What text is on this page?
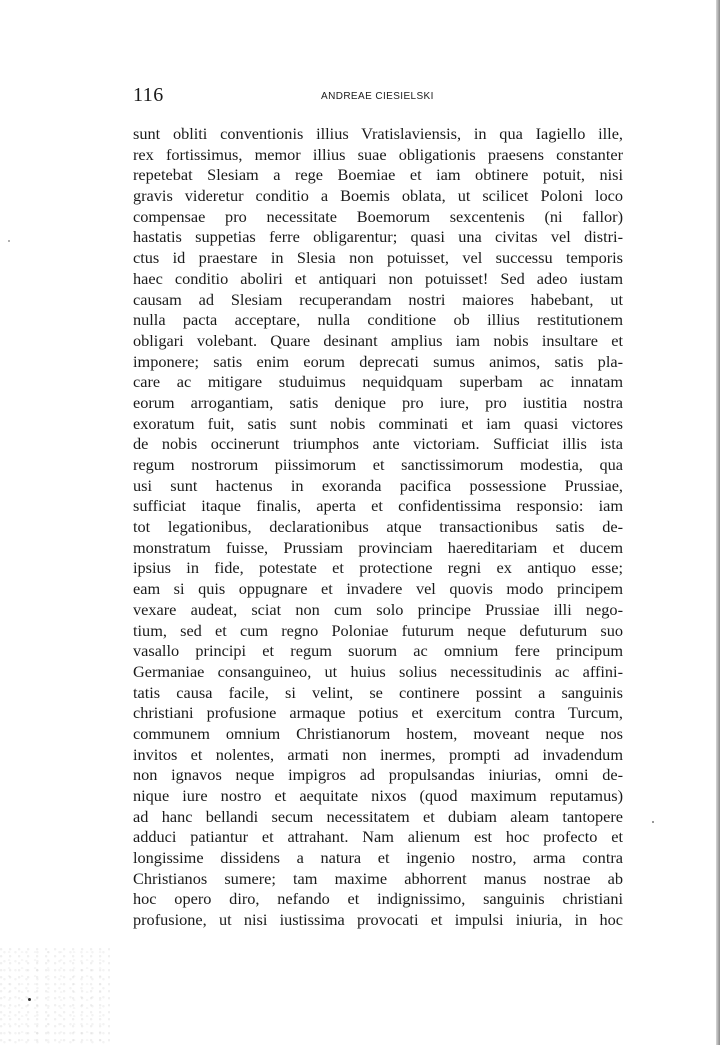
116	ANDREAE CIESIELSKI
sunt obliti conventionis illius Vratislaviensis, in qua Iagiello ille,
rex fortissimus, memor illius suae obligationis praesens constanter
repetebat Slesiam a rege Boemiae et iam obtinere potuit, nisi
gravis videretur conditio a Boemis oblata, ut scilicet Poloni loco
compensae pro necessitate Boemorum sexcentenis (ni fallor)
hastatis suppetias ferre obligarentur; quasi una civitas vel distri-
ctus id praestare in Slesia non potuisset, vel successu temporis
haec conditio aboliri et antiquari non potuisset! Sed adeo iustam
causam ad Slesiam recuperandam nostri maiores habebant, ut
nulla pacta acceptare, nulla conditione ob illius restitutionem
obligari volebant. Quare desinant amplius iam nobis insultare et
imponere; satis enim eorum deprecati sumus animos, satis pla-
care ac mitigare studuimus nequidquam superbam ac innatam
eorum arrogantiam, satis denique pro iure, pro iustitia nostra
exoratum fuit, satis sunt nobis comminati et iam quasi victores
de nobis occinerunt triumphos ante victoriam. Sufficiat illis ista
regum nostrorum piissimorum et sanctissimorum modestia, qua
usi sunt hactenus in exoranda pacifica possessione Prussiae,
sufficiat itaque finalis, aperta et confidentissima responsio: iam
tot legationibus, declarationibus atque transactionibus satis de-
monstratum fuisse, Prussiam provinciam haereditariam et ducem
ipsius in fide, potestate et protectione regni ex antiquo esse;
eam si quis oppugnare et invadere vel quovis modo principem
vexare audeat, sciat non cum solo principe Prussiae illi nego-
tium, sed et cum regno Poloniae futurum neque defuturum suo
vasallo principi et regum suorum ac omnium fere principum
Germaniae consanguineo, ut huius solius necessitudinis ac affini-
tatis causa facile, si velint, se continere possint a sanguinis
christiani profusione armaque potius et exercitum contra Turcum,
communem omnium Christianorum hostem, moveant neque nos
invitos et nolentes, armati non inermes, prompti ad invadendum
non ignavos neque impigros ad propulsandas iniurias, omni de-
nique iure nostro et aequitate nixos (quod maximum reputamus)
ad hanc bellandi secum necessitatem et dubiam aleam tantopere
adduci patiantur et attrahant. Nam alienum est hoc profecto et
longissime dissidens a natura et ingenio nostro, arma contra
Christianos sumere; tam maxime abhorrent manus nostrae ab
hoc opero diro, nefando et indignissimo, sanguinis christiani
profusione, ut nisi iustissima provocati et impulsi iniuria, in hoc
